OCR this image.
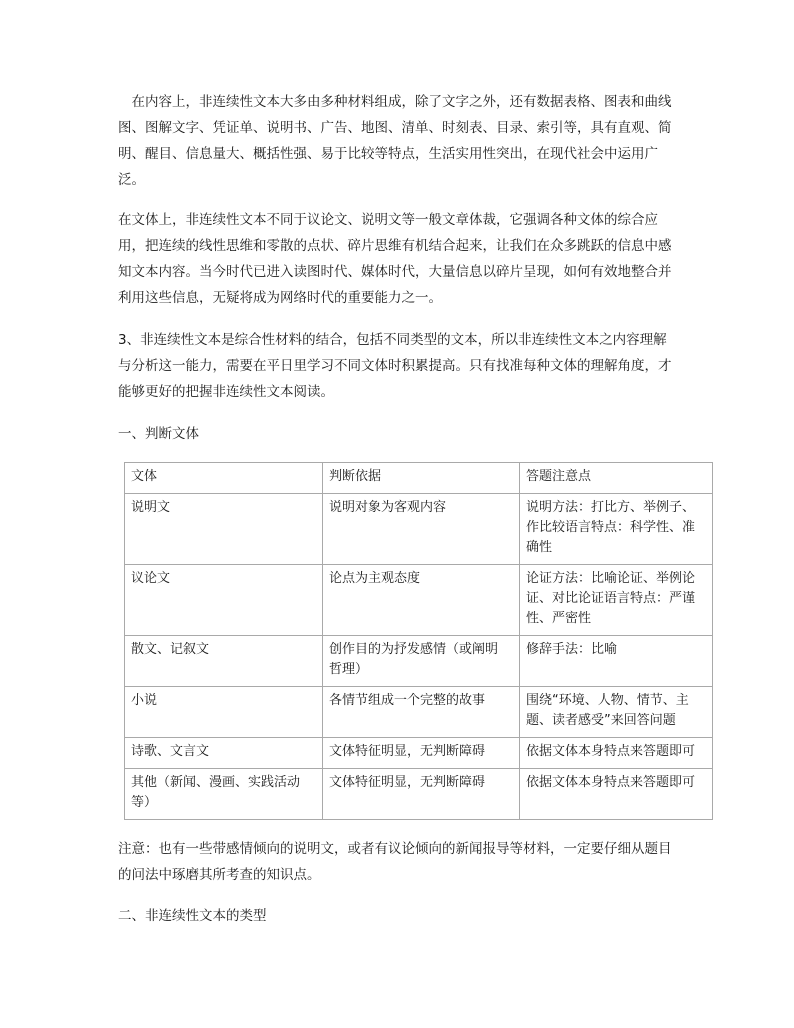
　在内容上，非连续性文本大多由多种材料组成，除了文字之外，还有数据表格、图表和曲线
图、图解文字、凭证单、说明书、广告、地图、清单、时刻表、目录、索引等，具有直观、简
明、醒目、信息量大、概括性强、易于比较等特点，生活实用性突出，在现代社会中运用广
泛。
在文体上，非连续性文本不同于议论文、说明文等一般文章体裁，它强调各种文体的综合应
用，把连续的线性思维和零散的点状、碎片思维有机结合起来，让我们在众多跳跃的信息中感
知文本内容。当今时代已进入读图时代、媒体时代，大量信息以碎片呈现，如何有效地整合并
利用这些信息，无疑将成为网络时代的重要能力之一。
3、非连续性文本是综合性材料的结合，包括不同类型的文本，所以非连续性文本之内容理解
与分析这一能力，需要在平日里学习不同文体时积累提高。只有找准每种文体的理解角度，才
能够更好的把握非连续性文本阅读。

一、判断文体

文体	判断依据	答题注意点

说明文	说明对象为客观内容	说明方法：打比方、举例子、
作比较语言特点：科学性、准
确性

议论文	论点为主观态度	论证方法：比喻论证、举例论
证、对比论证语言特点：严谨
性、严密性

散文、记叙文	创作目的为抒发感情（或阐明
哲理）	修辞手法：比喻

小说	各情节组成一个完整的故事	围绕“环境、人物、情节、主
题、读者感受”来回答问题

诗歌、文言文	文体特征明显，无判断障碍	依据文体本身特点来答题即可

其他（新闻、漫画、实践活动
等）	文体特征明显，无判断障碍	依据文体本身特点来答题即可
注意：也有一些带感情倾向的说明文，或者有议论倾向的新闻报导等材料，一定要仔细从题目
的问法中琢磨其所考查的知识点。

二、非连续性文本的类型
